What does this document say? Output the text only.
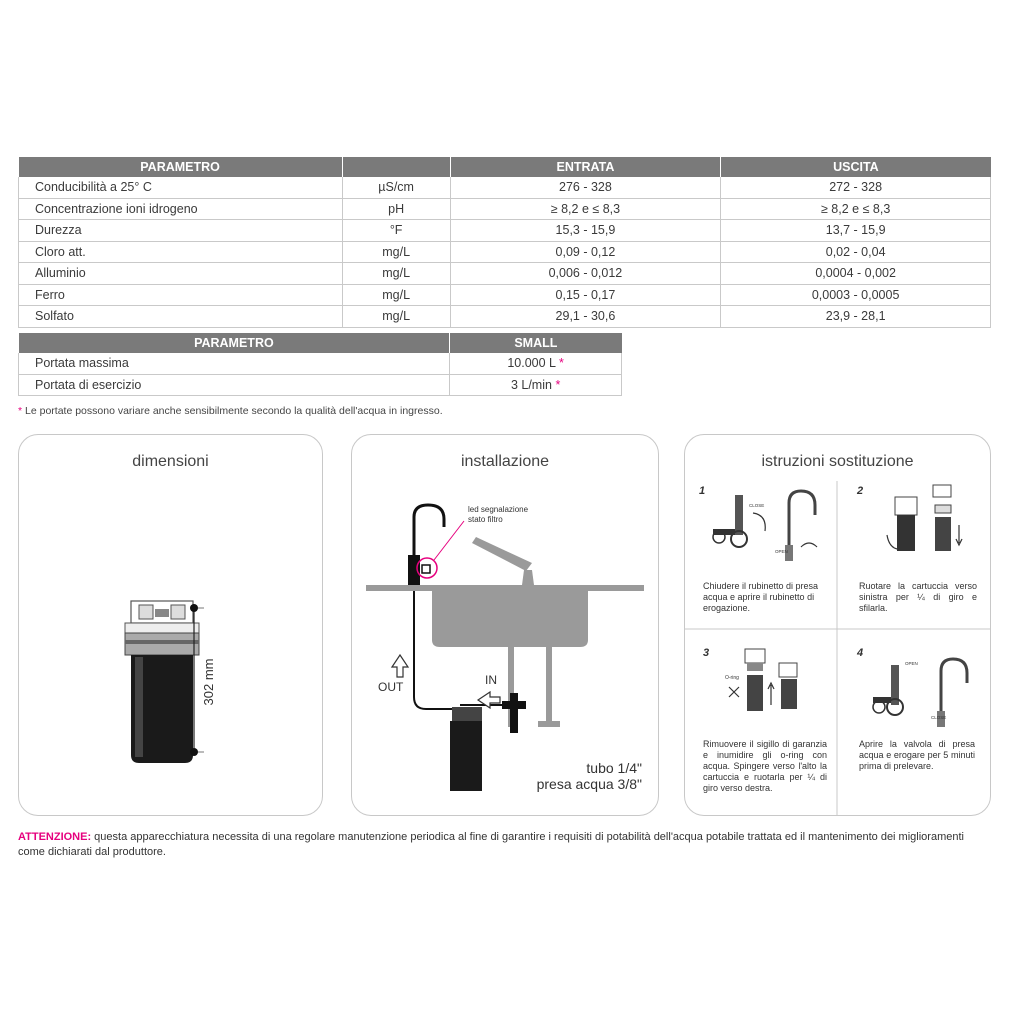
PARAMETRO		ENTRATA	USCITA
Conducibilità a 25° C	µS/cm	276 - 328	272 - 328
Concentrazione ioni idrogeno	pH	≥ 8,2 e ≤ 8,3	≥ 8,2 e ≤ 8,3
Durezza	°F	15,3 - 15,9	13,7 - 15,9
Cloro att.	mg/L	0,09 - 0,12	0,02 - 0,04
Alluminio	mg/L	0,006 - 0,012	0,0004 - 0,002
Ferro	mg/L	0,15 - 0,17	0,0003 - 0,0005
Solfato	mg/L	29,1 - 30,6	23,9 - 28,1
PARAMETRO	SMALL
Portata massima	10.000 L *
Portata di esercizio	3 L/min *
* Le portate possono variare anche sensibilmente secondo la qualità dell'acqua in ingresso.
dimensioni
302 mm
installazione
led segnalazione
stato filtro
OUT	IN
tubo 1/4"
presa acqua 3/8"
istruzioni sostituzione
CLOSE
OPEN
O-ring
OPEN
CLOSE
1
Chiudere il rubinetto di presa acqua e aprire il rubinetto di erogazione.
2
Ruotare la cartuccia verso sinistra per ¼ di giro e sfilarla.
3
Rimuovere il sigillo di garanzia e inumidire gli o-ring con acqua. Spingere verso l'alto la cartuccia e ruotarla per ¼ di giro verso destra.
4
Aprire la valvola di presa acqua e erogare per 5 minuti prima di prelevare.
ATTENZIONE: questa apparecchiatura necessita di una regolare manutenzione periodica al fine di garantire i requisiti di potabilità dell'acqua potabile trattata ed il mantenimento dei miglioramenti come dichiarati dal produttore.
